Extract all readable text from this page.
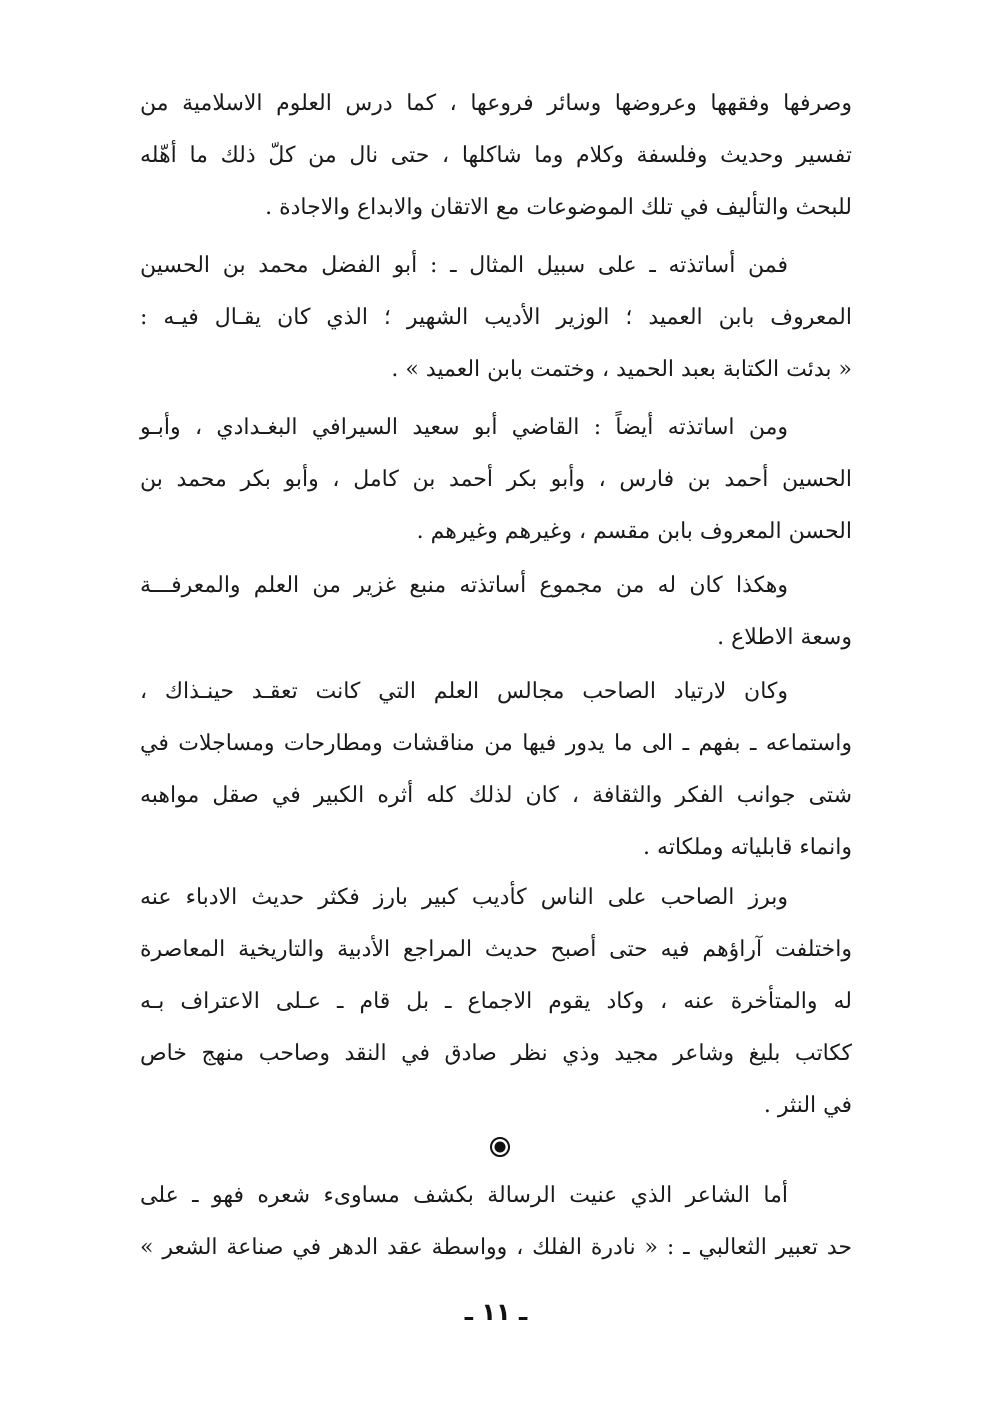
وصرفها وفقهها وعروضها وسائر فروعها ، كما درس العلوم الاسلامية من
تفسير وحديث وفلسفة وكلام وما شاكلها ، حتى نال من كلّ ذلك ما أهّله
للبحث والتأليف في تلك الموضوعات مع الاتقان والابداع والاجادة .
فمن أساتذته ـ على سبيل المثال ـ : أبو الفضل محمد بن الحسين
المعروف بابن العميد ؛ الوزير الأديب الشهير ؛ الذي كان يقـال فيـه :
« بدئت الكتابة بعبد الحميد ، وختمت بابن العميد » .
ومن اساتذته أيضاً : القاضي أبو سعيد السيرافي البغـدادي ، وأبـو
الحسين أحمد بن فارس ، وأبو بكر أحمد بن كامل ، وأبو بكر محمد بن
الحسن المعروف بابن مقسم ، وغيرهم وغيرهم .
وهكذا كان له من مجموع أساتذته منبع غزير من العلم والمعرفـــة
وسعة الاطلاع .
وكان لارتياد الصاحب مجالس العلم التي كانت تعقـد حينـذاك ،
واستماعه ـ بفهم ـ الى ما يدور فيها من مناقشات ومطارحات ومساجلات في
شتى جوانب الفكر والثقافة ، كان لذلك كله أثره الكبير في صقل مواهبه
وانماء قابلياته وملكاته .
وبرز الصاحب على الناس كأديب كبير بارز فكثر حديث الادباء عنه
واختلفت آراؤهم فيه حتى أصبح حديث المراجع الأدبية والتاريخية المعاصرة
له والمتأخرة عنه ، وكاد يقوم الاجماع ـ بل قام ـ عـلى الاعتراف بـه
ككاتب بليغ وشاعر مجيد وذي نظر صادق في النقد وصاحب منهج خاص
في النثر .
أما الشاعر الذي عنيت الرسالة بكشف مساوىء شعره فهو ـ على
حد تعبير الثعالبي ـ : « نادرة الفلك ، وواسطة عقد الدهر في صناعة الشعر »
ـ ١١ ـ
